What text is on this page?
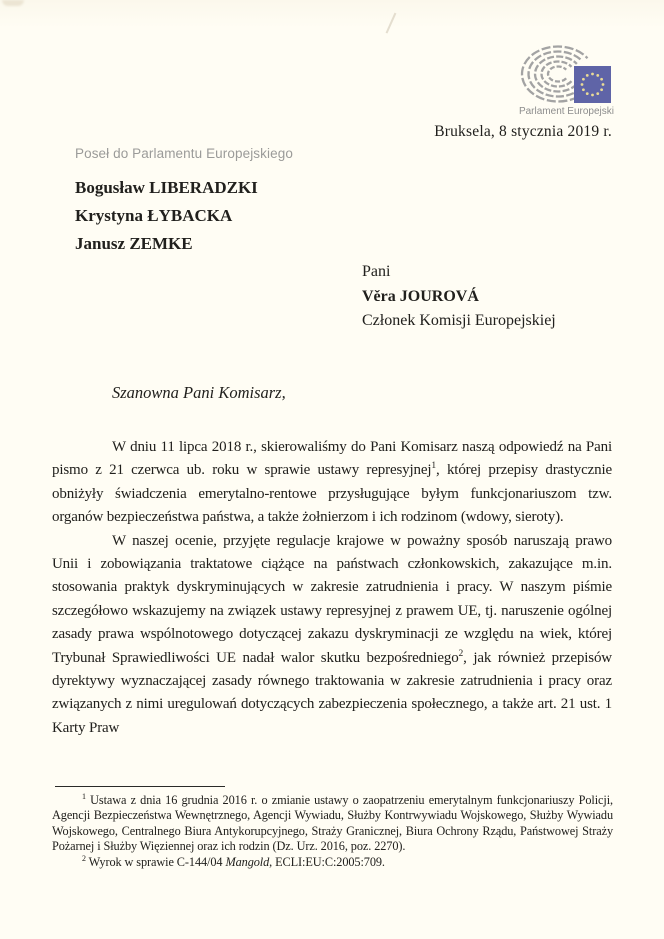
Parlament Europejski
Bruksela, 8 stycznia 2019 r.
Poseł do Parlamentu Europejskiego
Bogusław LIBERADZKI
Krystyna ŁYBACKA
Janusz ZEMKE
Pani
Věra JOUROVÁ
Członek Komisji Europejskiej
Szanowna Pani Komisarz,

W dniu 11 lipca 2018 r., skierowaliśmy do Pani Komisarz naszą odpowiedź na Pani pismo z 21 czerwca ub. roku w sprawie ustawy represyjnej$^1$, której przepisy drastycznie obniżyły świadczenia emerytalno-rentowe przysługujące byłym funkcjonariuszom tzw. organów bezpieczeństwa państwa, a także żołnierzom i ich rodzinom (wdowy, sieroty).

W naszej ocenie, przyjęte regulacje krajowe w poważny sposób naruszają prawo Unii i zobowiązania traktatowe ciążące na państwach członkowskich, zakazujące m.in. stosowania praktyk dyskryminujących w zakresie zatrudnienia i pracy. W naszym piśmie szczegółowo wskazujemy na związek ustawy represyjnej z prawem UE, tj. naruszenie ogólnej zasady prawa wspólnotowego dotyczącej zakazu dyskryminacji ze względu na wiek, której Trybunał Sprawiedliwości UE nadał walor skutku bezpośredniego$^2$, jak również przepisów dyrektywy wyznaczającej zasady równego traktowania w zakresie zatrudnienia i pracy oraz związanych z nimi uregulowań dotyczących zabezpieczenia społecznego, a także art. 21 ust. 1 Karty Praw

$^1$ Ustawa z dnia 16 grudnia 2016 r. o zmianie ustawy o zaopatrzeniu emerytalnym funkcjonariuszy Policji, Agencji Bezpieczeństwa Wewnętrznego, Agencji Wywiadu, Służby Kontrwywiadu Wojskowego, Służby Wywiadu Wojskowego, Centralnego Biura Antykorupcyjnego, Straży Granicznej, Biura Ochrony Rządu, Państwowej Straży Pożarnej i Służby Więziennej oraz ich rodzin (Dz. Urz. 2016, poz. 2270).

$^2$ Wyrok w sprawie C-144/04 Mangold, ECLI:EU:C:2005:709.
